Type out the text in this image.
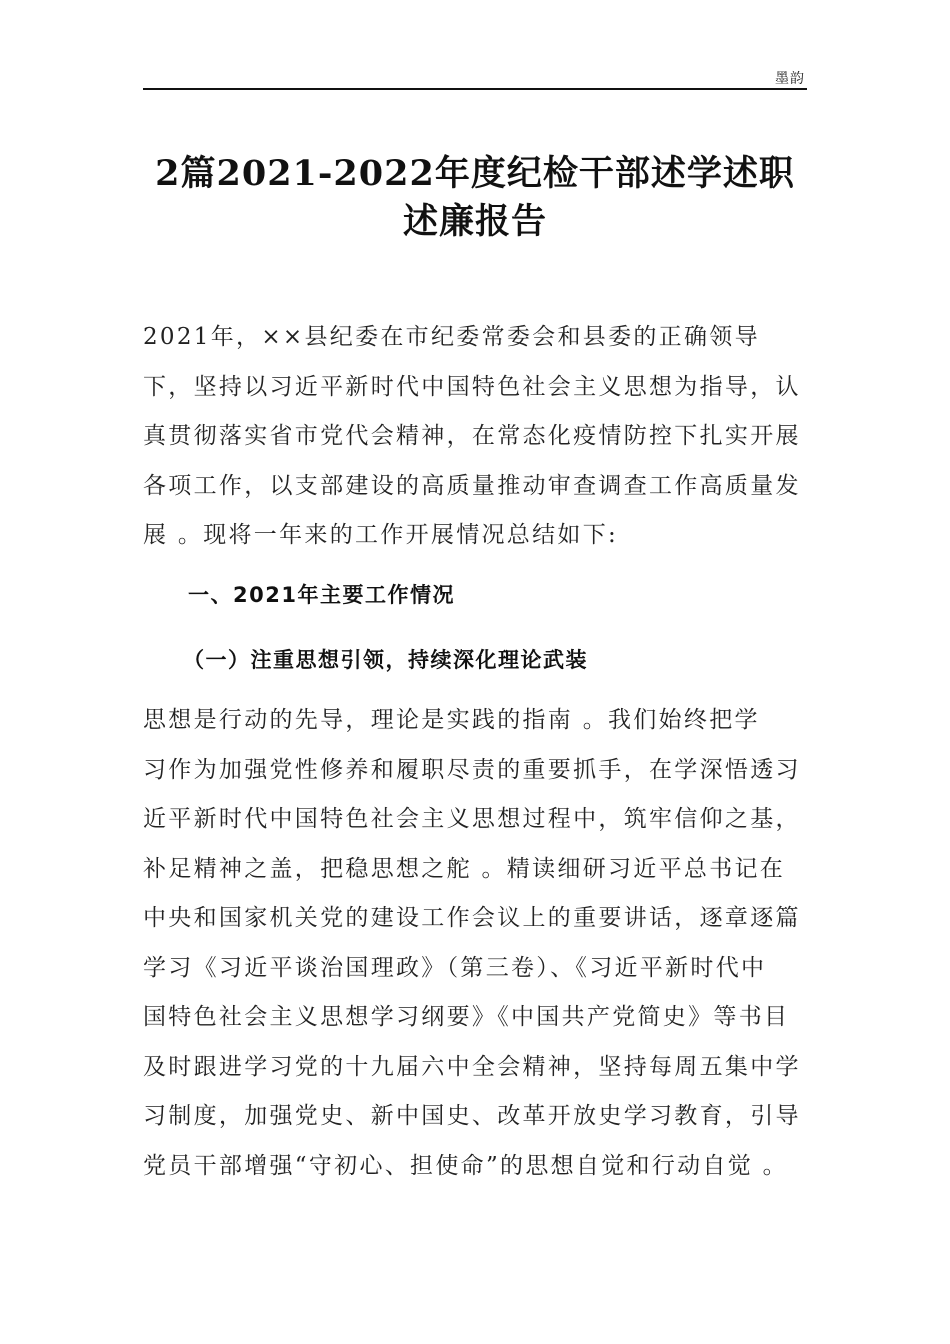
墨韵
2篇2021-2022年度纪检干部述学述职
述廉报告
2021年，××县纪委在市纪委常委会和县委的正确领导
下，坚持以习近平新时代中国特色社会主义思想为指导，认
真贯彻落实省市党代会精神，在常态化疫情防控下扎实开展
各项工作，以支部建设的高质量推动审查调查工作高质量发
展 。现将一年来的工作开展情况总结如下:
一、2021年主要工作情况
（一）注重思想引领，持续深化理论武装
思想是行动的先导，理论是实践的指南 。我们始终把学
习作为加强党性修养和履职尽责的重要抓手，在学深悟透习
近平新时代中国特色社会主义思想过程中，筑牢信仰之基，
补足精神之盖，把稳思想之舵 。精读细研习近平总书记在
中央和国家机关党的建设工作会议上的重要讲话，逐章逐篇
学习《习近平谈治国理政》（第三卷）、《习近平新时代中
国特色社会主义思想学习纲要》《中国共产党简史》等书目
及时跟进学习党的十九届六中全会精神，坚持每周五集中学
习制度，加强党史、新中国史、改革开放史学习教育，引导
党员干部增强“守初心、担使命”的思想自觉和行动自觉 。
